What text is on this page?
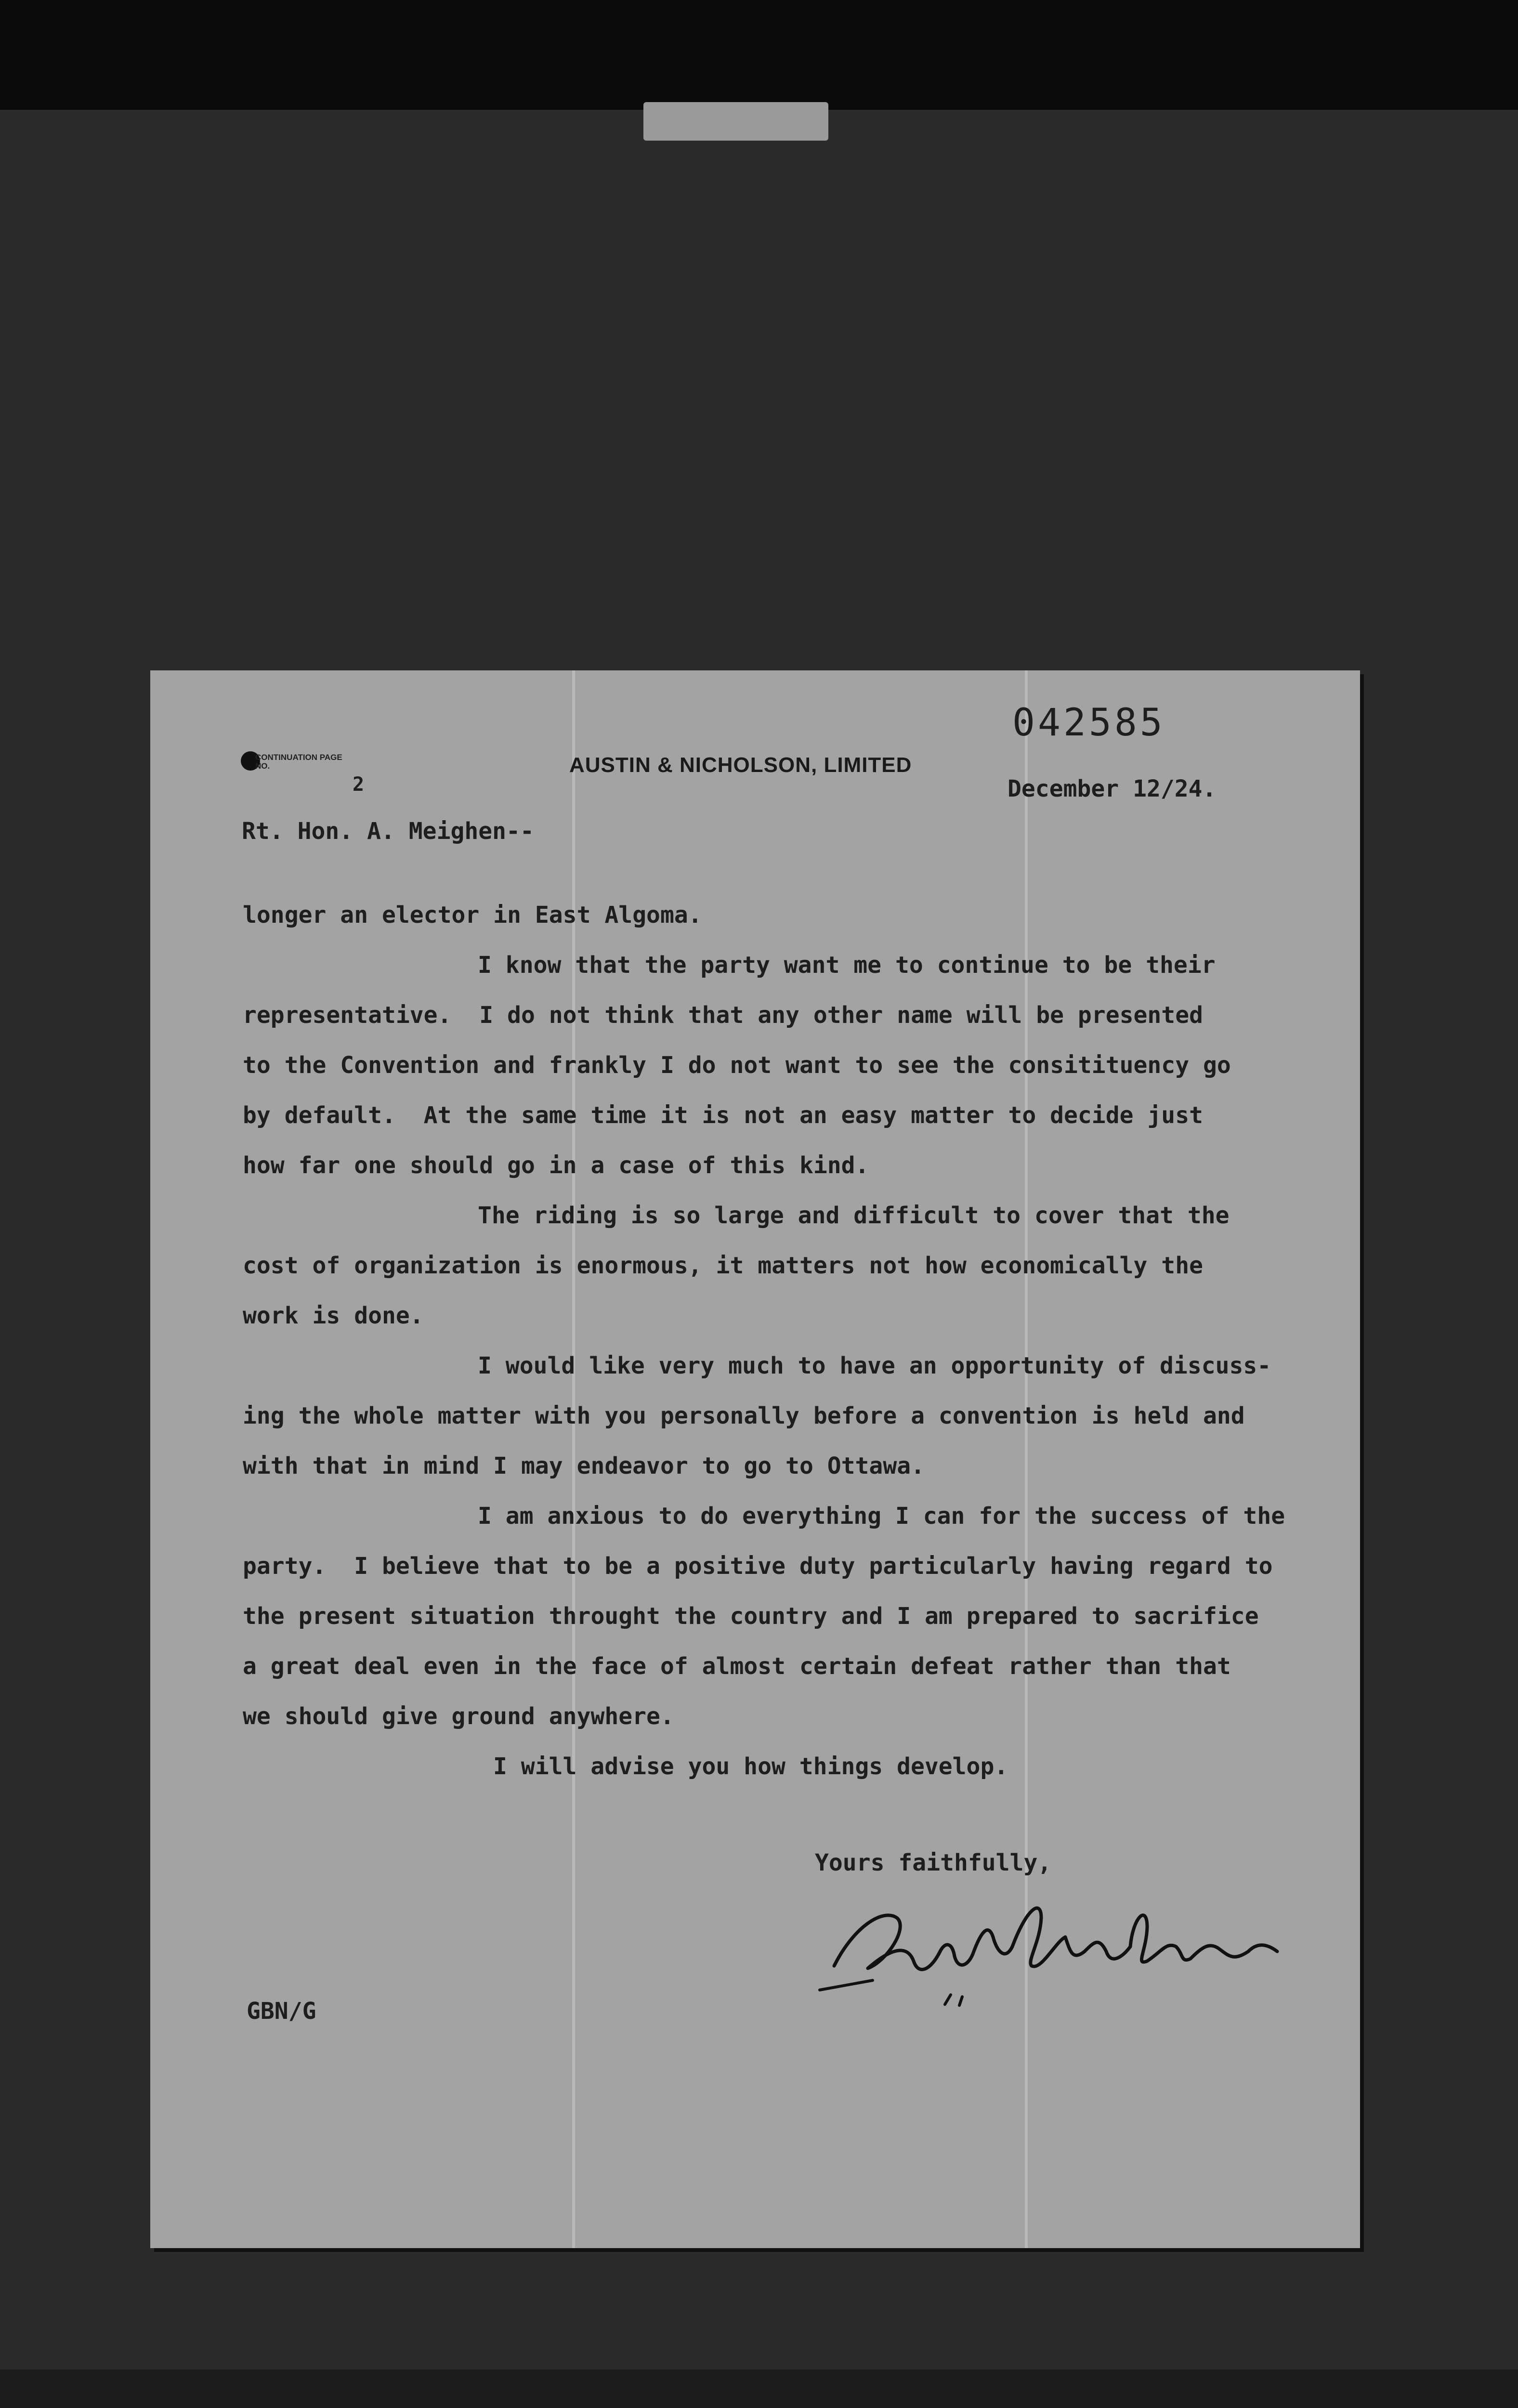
CONTINUATION PAGE NO.
2
AUSTIN & NICHOLSON, LIMITED
042585
December 12/24.
Rt. Hon. A. Meighen--

longer an elector in East Algoma.

I know that the party want me to continue to be their

representative.  I do not think that any other name will be presented

to the Convention and frankly I do not want to see the consitituency go

by default.  At the same time it is not an easy matter to decide just

how far one should go in a case of this kind.

The riding is so large and difficult to cover that the

cost of organization is enormous, it matters not how economically the

work is done.

I would like very much to have an opportunity of discuss-

ing the whole matter with you personally before a convention is held and

with that in mind I may endeavor to go to Ottawa.

I am anxious to do everything I can for the success of the

party.  I believe that to be a positive duty particularly having regard to

the present situation throught the country and I am prepared to sacrifice

a great deal even in the face of almost certain defeat rather than that

we should give ground anywhere.

I will advise you how things develop.

Yours faithfully,
GBN/G
